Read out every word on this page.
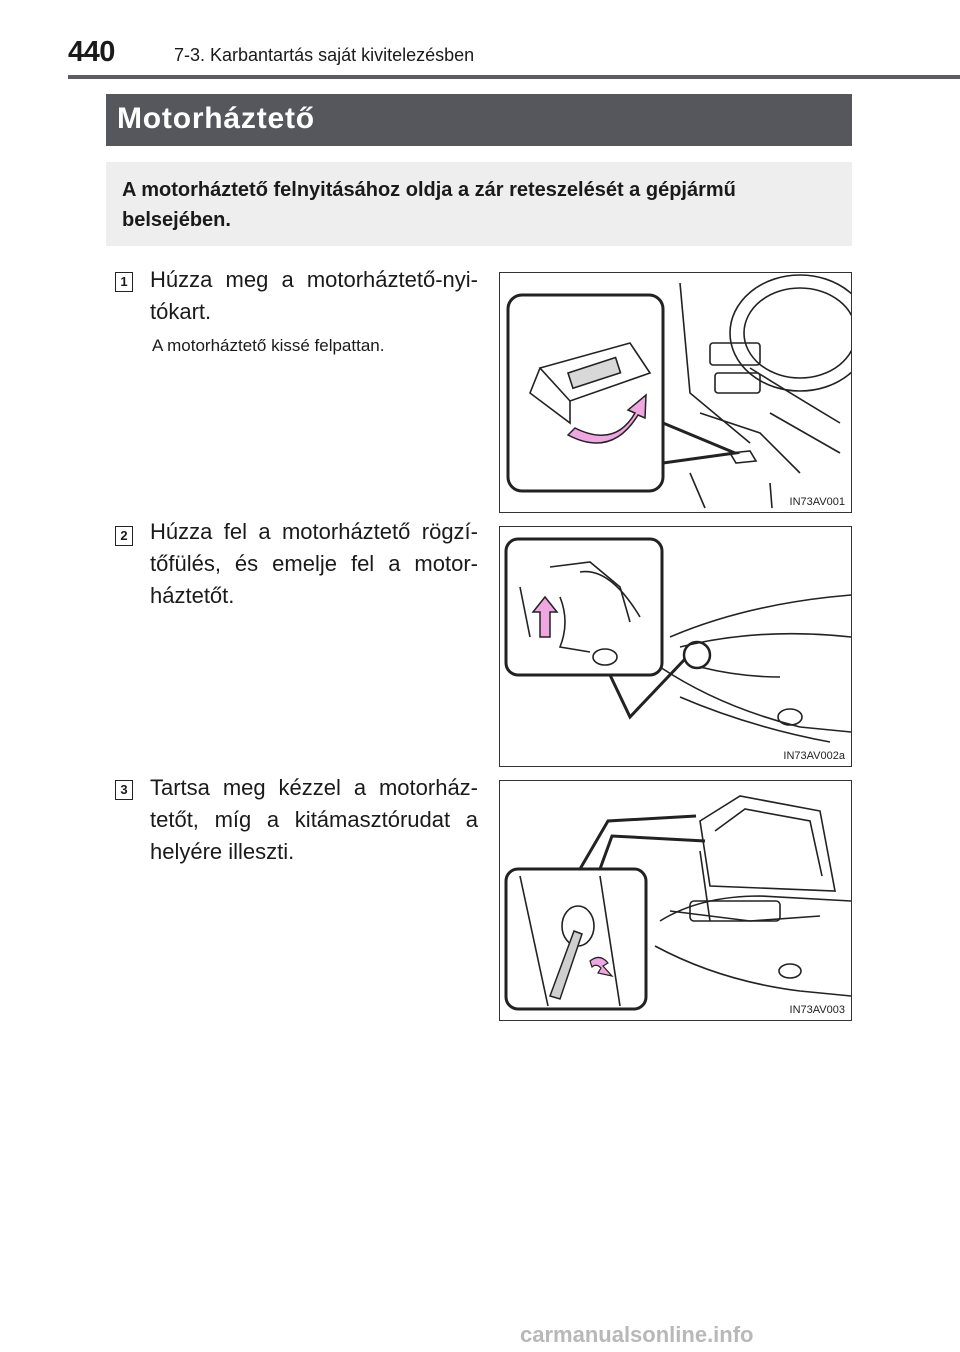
440	7-3. Karbantartás saját kivitelezésben
Motorháztető

A motorháztető felnyitásához oldja a zár reteszelését a gépjármű belsejében.

1 Húzza meg a motorháztető-nyi-tókart.
A motorháztető kissé felpattan.
IN73AV001
2 Húzza fel a motorháztető rögzí-tőfülés, és emelje fel a motor-háztetőt.
IN73AV002a
3 Tartsa meg kézzel a motorház-tetőt, míg a kitámasztórudat a helyére illeszti.
IN73AV003
carmanualsonline.info
